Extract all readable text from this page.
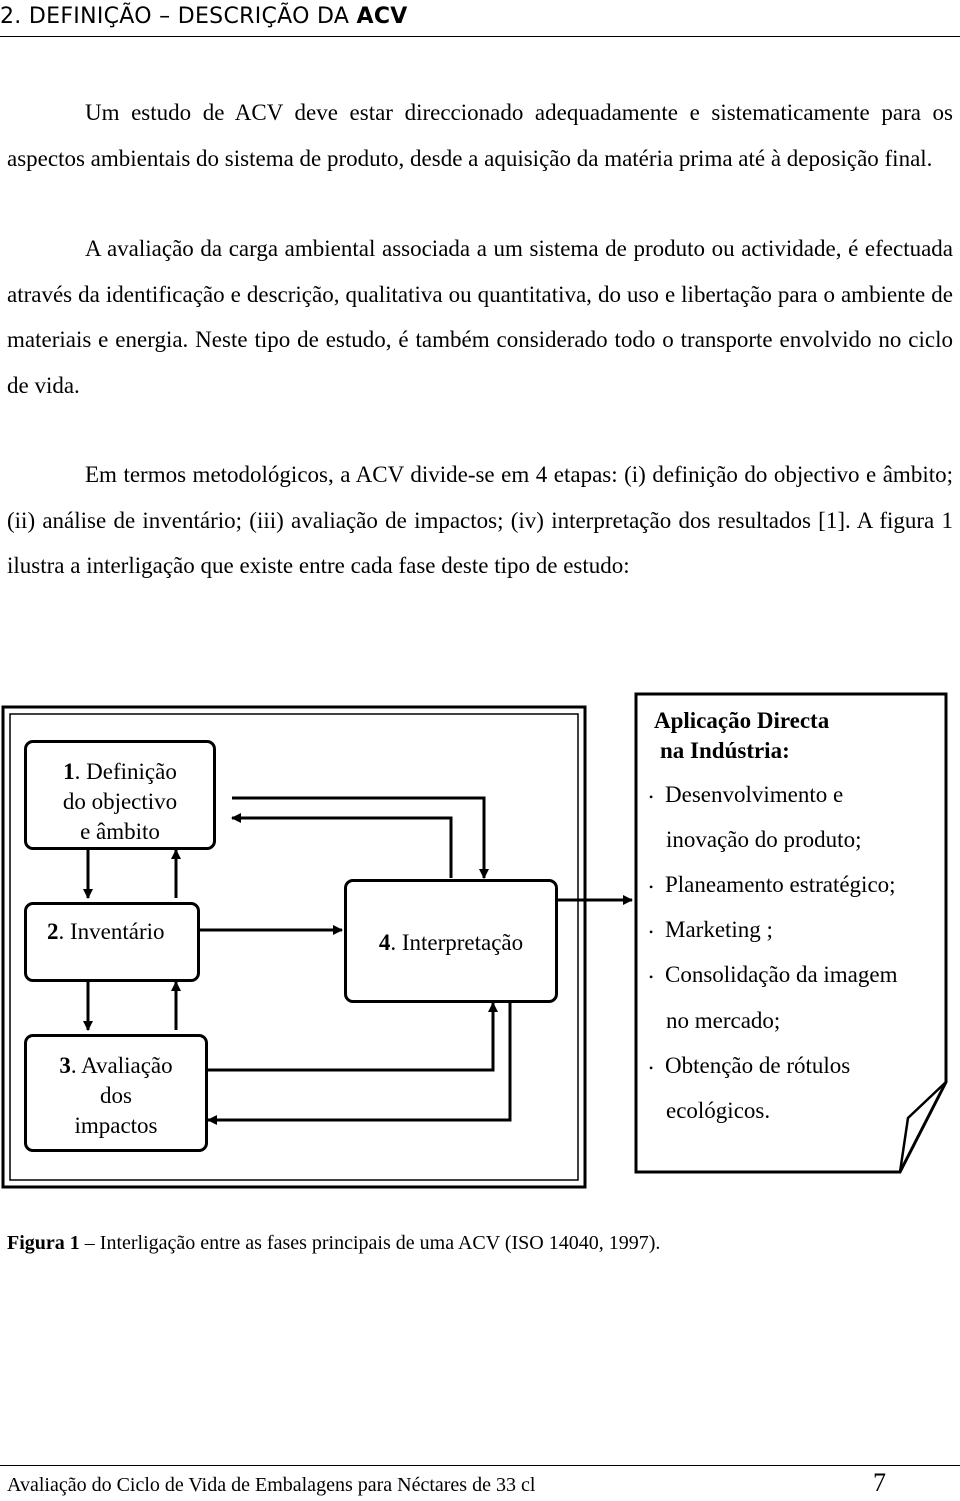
2. DEFINIÇÃO – DESCRIÇÃO DA ACV

Um estudo de ACV deve estar direccionado adequadamente e sistematicamente para os aspectos ambientais do sistema de produto, desde a aquisição da matéria prima até à deposição final.

A avaliação da carga ambiental associada a um sistema de produto ou actividade, é efectuada através da identificação e descrição, qualitativa ou quantitativa, do uso e libertação para o ambiente de materiais e energia. Neste tipo de estudo, é também considerado todo o transporte envolvido no ciclo de vida.

Em termos metodológicos, a ACV divide-se em 4 etapas: (i) definição do objectivo e âmbito; (ii) análise de inventário; (iii) avaliação de impactos; (iv) interpretação dos resultados [1]. A figura 1 ilustra a interligação que existe entre cada fase deste tipo de estudo:

1. Definição
do objectivo
e âmbito
2. Inventário
3. Avaliação
dos
impactos
4. Interpretação
Aplicação Directa
na Indústria:
• Desenvolvimento e
inovação do produto;
• Planeamento estratégico;
• Marketing ;
• Consolidação da imagem
no mercado;
• Obtenção de rótulos
ecológicos.
Figura 1 – Interligação entre as fases principais de uma ACV (ISO 14040, 1997).
Avaliação do Ciclo de Vida de Embalagens para Néctares de 33 cl	7
